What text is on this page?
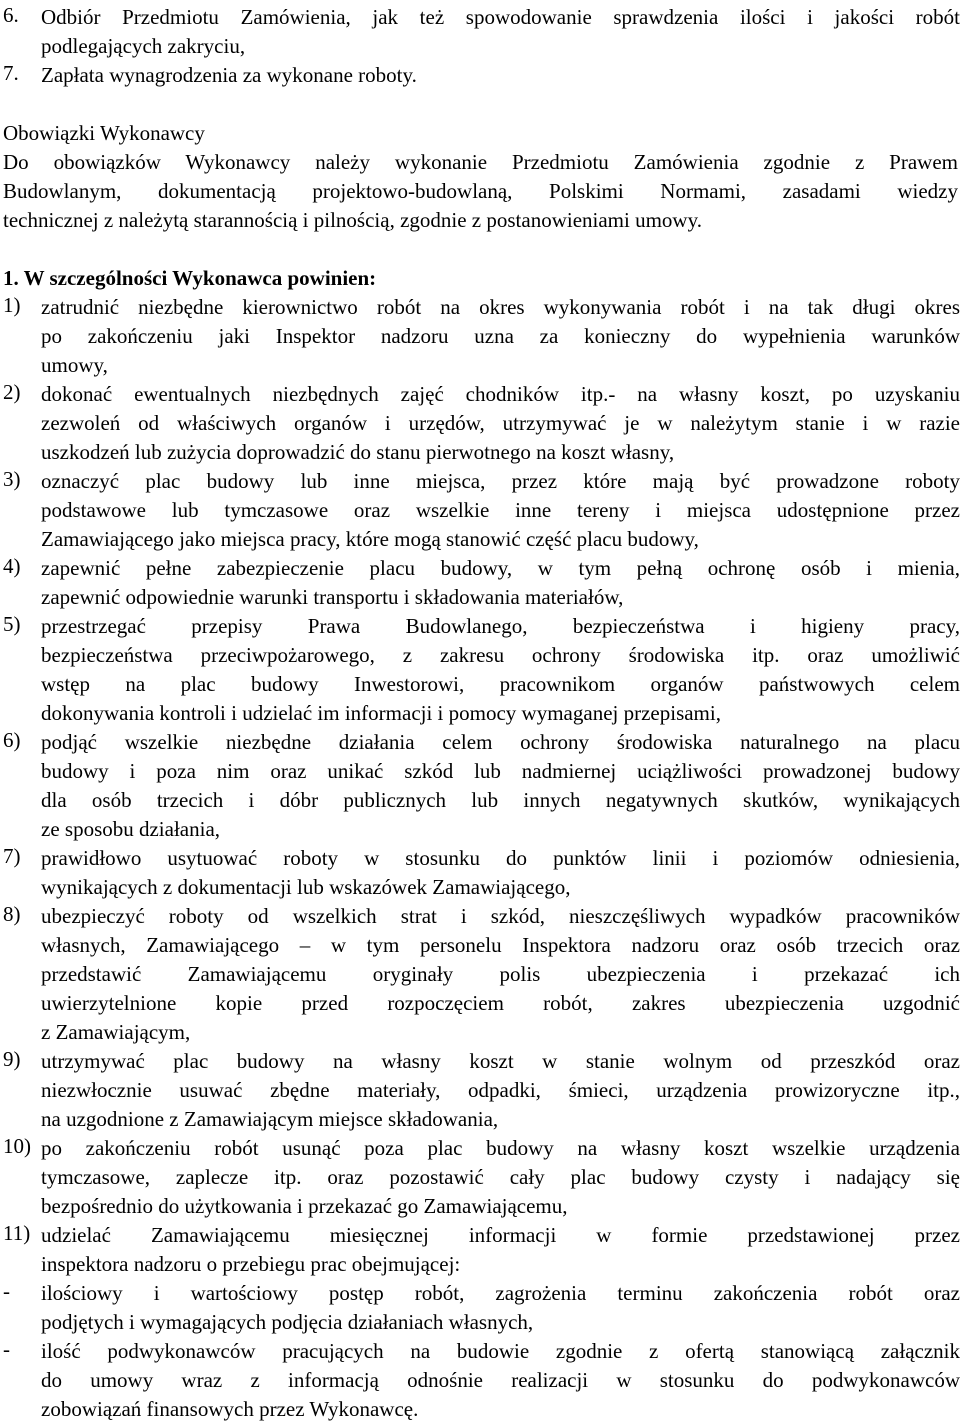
6.	Odbiór Przedmiotu Zamówienia, jak też spowodowanie sprawdzenia ilości i jakości robót
podlegających zakryciu,
7.	Zapłata wynagrodzenia za wykonane roboty.
Obowiązki Wykonawcy
Do obowiązków Wykonawcy należy wykonanie Przedmiotu Zamówienia zgodnie z Prawem
Budowlanym, dokumentacją projektowo-budowlaną, Polskimi Normami, zasadami wiedzy
technicznej z należytą starannością i pilnością, zgodnie z postanowieniami umowy.
1. W szczególności Wykonawca powinien:
1) zatrudnić niezbędne kierownictwo robót na okres wykonywania robót i na tak długi okres
po zakończeniu jaki Inspektor nadzoru uzna za konieczny do wypełnienia warunków
umowy,
2) dokonać ewentualnych niezbędnych zajęć chodników itp.- na własny koszt, po uzyskaniu
zezwoleń od właściwych organów i urzędów, utrzymywać je w należytym stanie i w razie
uszkodzeń lub zużycia doprowadzić do stanu pierwotnego na koszt własny,
3) oznaczyć plac budowy lub inne miejsca, przez które mają być prowadzone roboty
podstawowe lub tymczasowe oraz wszelkie inne tereny i miejsca udostępnione przez
Zamawiającego jako miejsca pracy, które mogą stanowić część placu budowy,
4) zapewnić pełne zabezpieczenie placu budowy, w tym pełną ochronę osób i mienia,
zapewnić odpowiednie warunki transportu i składowania materiałów,
5) przestrzegać przepisy Prawa Budowlanego, bezpieczeństwa i higieny pracy,
bezpieczeństwa przeciwpożarowego, z zakresu ochrony środowiska itp. oraz umożliwić
wstęp na plac budowy Inwestorowi, pracownikom organów państwowych celem
dokonywania kontroli i udzielać im informacji i pomocy wymaganej przepisami,
6) podjąć wszelkie niezbędne działania celem ochrony środowiska naturalnego na placu
budowy i poza nim oraz unikać szkód lub nadmiernej uciążliwości prowadzonej budowy
dla osób trzecich i dóbr publicznych lub innych negatywnych skutków, wynikających
ze sposobu działania,
7) prawidłowo usytuować roboty w stosunku do punktów linii i poziomów odniesienia,
wynikających z dokumentacji lub wskazówek Zamawiającego,
8) ubezpieczyć roboty od wszelkich strat i szkód, nieszczęśliwych wypadków pracowników
własnych, Zamawiającego – w tym personelu Inspektora nadzoru oraz osób trzecich oraz
przedstawić Zamawiającemu oryginały polis ubezpieczenia i przekazać ich
uwierzytelnione kopie przed rozpoczęciem robót, zakres ubezpieczenia uzgodnić
z Zamawiającym,
9) utrzymywać plac budowy na własny koszt w stanie wolnym od przeszkód oraz
niezwłocznie usuwać zbędne materiały, odpadki, śmieci, urządzenia prowizoryczne itp.,
na uzgodnione z Zamawiającym miejsce składowania,
10) po zakończeniu robót usunąć poza plac budowy na własny koszt wszelkie urządzenia
tymczasowe, zaplecze itp. oraz pozostawić cały plac budowy czysty i nadający się
bezpośrednio do użytkowania i przekazać go Zamawiającemu,
11) udzielać Zamawiającemu miesięcznej informacji w formie przedstawionej przez
inspektora nadzoru o przebiegu prac obejmującej:
-	ilościowy i wartościowy postęp robót, zagrożenia terminu zakończenia robót oraz
podjętych i wymagających podjęcia działaniach własnych,
-	ilość podwykonawców pracujących na budowie zgodnie z ofertą stanowiącą załącznik
do umowy wraz z informacją odnośnie realizacji w stosunku do podwykonawców
zobowiązań finansowych przez Wykonawcę.
